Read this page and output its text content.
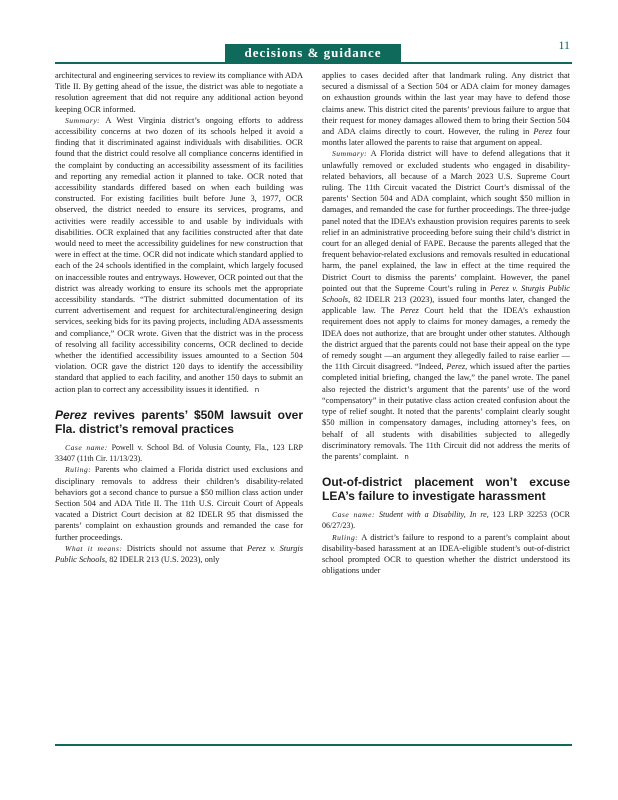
11
decisions & guidance

architectural and engineering services to review its compliance with ADA Title II. By getting ahead of the issue, the district was able to negotiate a resolution agreement that did not require any additional action beyond keeping OCR informed.

Summary: A West Virginia district’s ongoing efforts to address accessibility concerns at two dozen of its schools helped it avoid a finding that it discriminated against individuals with disabilities. OCR found that the district could resolve all compliance concerns identified in the complaint by conducting an accessibility assessment of its facilities and reporting any remedial action it planned to take. OCR noted that accessibility standards differed based on when each building was constructed. For existing facilities built before June 3, 1977, OCR observed, the district needed to ensure its services, programs, and activities were readily accessible to and usable by individuals with disabilities. OCR explained that any facilities constructed after that date would need to meet the accessibility guidelines for new construction that were in effect at the time. OCR did not indicate which standard applied to each of the 24 schools identified in the complaint, which largely focused on inaccessible routes and entryways. However, OCR pointed out that the district was already working to ensure its schools met the appropriate accessibility standards. “The district submitted documentation of its current advertisement and request for architectural/engineering design services, seeking bids for its paving projects, including ADA assessments and compliance,” OCR wrote. Given that the district was in the process of resolving all facility accessibility concerns, OCR declined to decide whether the identified accessibility issues amounted to a Section 504 violation. OCR gave the district 120 days to identify the accessibility standard that applied to each facility, and another 150 days to submit an action plan to correct any accessibility issues it identified. n

Perez revives parents’ $50M lawsuit over Fla. district’s removal practices

Case name: Powell v. School Bd. of Volusia County, Fla., 123 LRP 33407 (11th Cir. 11/13/23).

Ruling: Parents who claimed a Florida district used exclusions and disciplinary removals to address their children’s disability-related behaviors got a second chance to pursue a $50 million class action under Section 504 and ADA Title II. The 11th U.S. Circuit Court of Appeals vacated a District Court decision at 82 IDELR 95 that dismissed the parents’ complaint on exhaustion grounds and remanded the case for further proceedings.

What it means: Districts should not assume that Perez v. Sturgis Public Schools, 82 IDELR 213 (U.S. 2023), only

applies to cases decided after that landmark ruling. Any district that secured a dismissal of a Section 504 or ADA claim for money damages on exhaustion grounds within the last year may have to defend those claims anew. This district cited the parents’ previous failure to argue that their request for money damages allowed them to bring their Section 504 and ADA claims directly to court. However, the ruling in Perez four months later allowed the parents to raise that argument on appeal.

Summary: A Florida district will have to defend allegations that it unlawfully removed or excluded students who engaged in disability-related behaviors, all because of a March 2023 U.S. Supreme Court ruling. The 11th Circuit vacated the District Court’s dismissal of the parents’ Section 504 and ADA complaint, which sought $50 million in damages, and remanded the case for further proceedings. The three-judge panel noted that the IDEA’s exhaustion provision requires parents to seek relief in an administrative proceeding before suing their child’s district in court for an alleged denial of FAPE. Because the parents alleged that the frequent behavior-related exclusions and removals resulted in educational harm, the panel explained, the law in effect at the time required the District Court to dismiss the parents’ complaint. However, the panel pointed out that the Supreme Court’s ruling in Perez v. Sturgis Public Schools, 82 IDELR 213 (2023), issued four months later, changed the applicable law. The Perez Court held that the IDEA’s exhaustion requirement does not apply to claims for money damages, a remedy the IDEA does not authorize, that are brought under other statutes. Although the district argued that the parents could not base their appeal on the type of remedy sought —an argument they allegedly failed to raise earlier —the 11th Circuit disagreed. “Indeed, Perez, which issued after the parties completed initial briefing, changed the law,” the panel wrote. The panel also rejected the district’s argument that the parents’ use of the word “compensatory” in their putative class action created confusion about the type of relief sought. It noted that the parents’ complaint clearly sought $50 million in compensatory damages, including attorney’s fees, on behalf of all students with disabilities subjected to allegedly discriminatory removals. The 11th Circuit did not address the merits of the parents’ complaint. n

Out-of-district placement won’t excuse LEA’s failure to investigate harassment

Case name: Student with a Disability, In re, 123 LRP 32253 (OCR 06/27/23).

Ruling: A district’s failure to respond to a parent’s complaint about disability-based harassment at an IDEA-eligible student’s out-of-district school prompted OCR to question whether the district understood its obligations under
